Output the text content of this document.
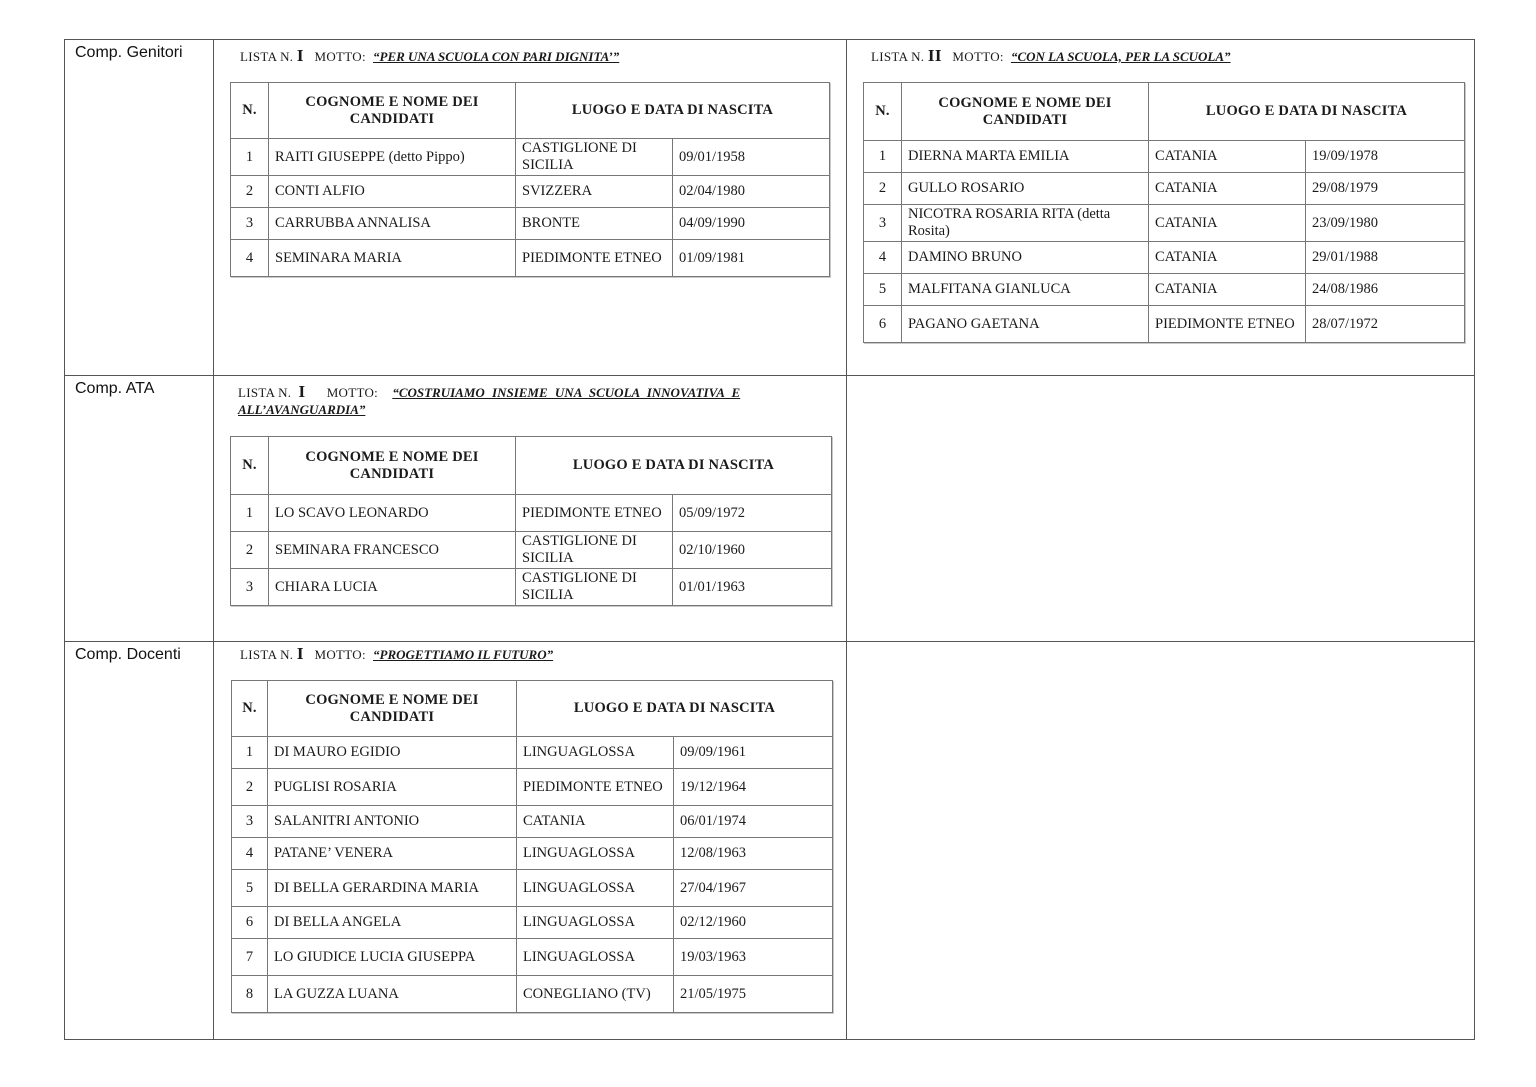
Comp. Genitori
Comp. ATA
Comp. Docenti
LISTA N. I MOTTO: “PER UNA SCUOLA CON PARI DIGNITA’”
N.	COGNOME E NOME DEI CANDIDATI	LUOGO E DATA DI NASCITA	
1	RAITI GIUSEPPE (detto Pippo)	CASTIGLIONE DI SICILIA	09/01/1958
2	CONTI ALFIO	SVIZZERA	02/04/1980
3	CARRUBBA ANNALISA	BRONTE	04/09/1990
4	SEMINARA MARIA	PIEDIMONTE ETNEO	01/09/1981
LISTA N. II MOTTO: “CON LA SCUOLA, PER LA SCUOLA”
N.	COGNOME E NOME DEI CANDIDATI	LUOGO E DATA DI NASCITA	
1	DIERNA MARTA EMILIA	CATANIA	19/09/1978
2	GULLO ROSARIO	CATANIA	29/08/1979
3	NICOTRA ROSARIA RITA (detta Rosita)	CATANIA	23/09/1980
4	DAMINO BRUNO	CATANIA	29/01/1988
5	MALFITANA GIANLUCA	CATANIA	24/08/1986
6	PAGANO GAETANA	PIEDIMONTE ETNEO	28/07/1972
LISTA N. I MOTTO: “COSTRUIAMO INSIEME UNA SCUOLA INNOVATIVA E ALL’AVANGUARDIA”
N.	COGNOME E NOME DEI CANDIDATI	LUOGO E DATA DI NASCITA	
1	LO SCAVO LEONARDO	PIEDIMONTE ETNEO	05/09/1972
2	SEMINARA FRANCESCO	CASTIGLIONE DI SICILIA	02/10/1960
3	CHIARA LUCIA	CASTIGLIONE DI SICILIA	01/01/1963
LISTA N. I MOTTO: “PROGETTIAMO IL FUTURO”
N.	COGNOME E NOME DEI CANDIDATI	LUOGO E DATA DI NASCITA	
1	DI MAURO EGIDIO	LINGUAGLOSSA	09/09/1961
2	PUGLISI ROSARIA	PIEDIMONTE ETNEO	19/12/1964
3	SALANITRI ANTONIO	CATANIA	06/01/1974
4	PATANE’ VENERA	LINGUAGLOSSA	12/08/1963
5	DI BELLA GERARDINA MARIA	LINGUAGLOSSA	27/04/1967
6	DI BELLA ANGELA	LINGUAGLOSSA	02/12/1960
7	LO GIUDICE LUCIA GIUSEPPA	LINGUAGLOSSA	19/03/1963
8	LA GUZZA LUANA	CONEGLIANO (TV)	21/05/1975
